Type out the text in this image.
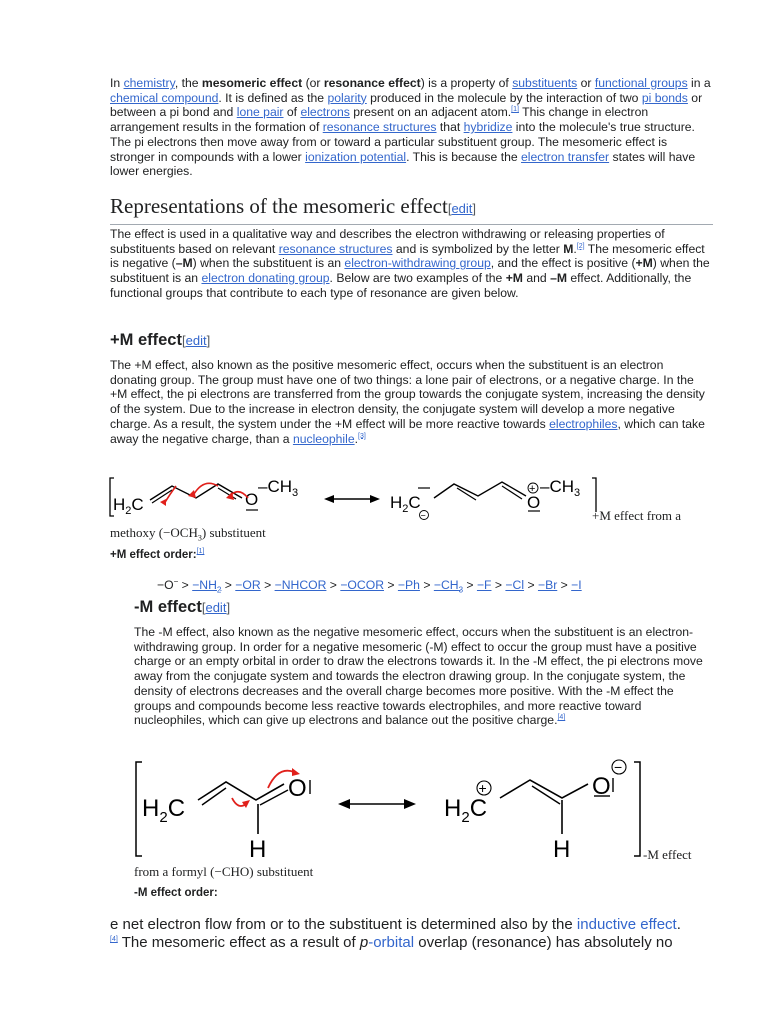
In chemistry, the mesomeric effect (or resonance effect) is a property of substituents or functional groups in a chemical compound. It is defined as the polarity produced in the molecule by the interaction of two pi bonds or between a pi bond and lone pair of electrons present on an adjacent atom.[1] This change in electron arrangement results in the formation of resonance structures that hybridize into the molecule's true structure. The pi electrons then move away from or toward a particular substituent group. The mesomeric effect is stronger in compounds with a lower ionization potential. This is because the electron transfer states will have lower energies.
Representations of the mesomeric effect[edit]
The effect is used in a qualitative way and describes the electron withdrawing or releasing properties of substituents based on relevant resonance structures and is symbolized by the letter M.[2] The mesomeric effect is negative (–M) when the substituent is an electron-withdrawing group, and the effect is positive (+M) when the substituent is an electron donating group. Below are two examples of the +M and –M effect. Additionally, the functional groups that contribute to each type of resonance are given below.
+M effect[edit]
The +M effect, also known as the positive mesomeric effect, occurs when the substituent is an electron donating group. The group must have one of two things: a lone pair of electrons, or a negative charge. In the +M effect, the pi electrons are transferred from the group towards the conjugate system, increasing the density of the system. Due to the increase in electron density, the conjugate system will develop a more negative charge. As a result, the system under the +M effect will be more reactive towards electrophiles, which can take away the negative charge, than a nucleophile.[3]
$H_2C$	O
$-CH_3$	$H_2C$
−
+
O
$-CH_3$
+M effect from a
methoxy $(-OCH_3)$ substituent
+M effect order:[1]
$-O^- > -NH_2 > -OR$ > −NHCOR > −OCOR > $-Ph > -CH_3 > -F > -Cl > -Br > -I$
-M effect[edit]
The -M effect, also known as the negative mesomeric effect, occurs when the substituent is an electron-withdrawing group. In order for a negative mesomeric (-M) effect to occur the group must have a positive charge or an empty orbital in order to draw the electrons towards it. In the -M effect, the pi electrons move away from the conjugate system and towards the electron drawing group. In the conjugate system, the density of electrons decreases and the overall charge becomes more positive. With the -M effect the groups and compounds become less reactive towards electrophiles, and more reactive toward nucleophiles, which can give up electrons and balance out the positive charge.[4]
$H_2C$
H
O	+
$H_2C$
H
O
−
-M effect
from a formyl (−CHO) substituent
-M effect order:
e net electron flow from or to the substituent is determined also by the inductive effect.
[4] The mesomeric effect as a result of p-orbital overlap (resonance) has absolutely no
